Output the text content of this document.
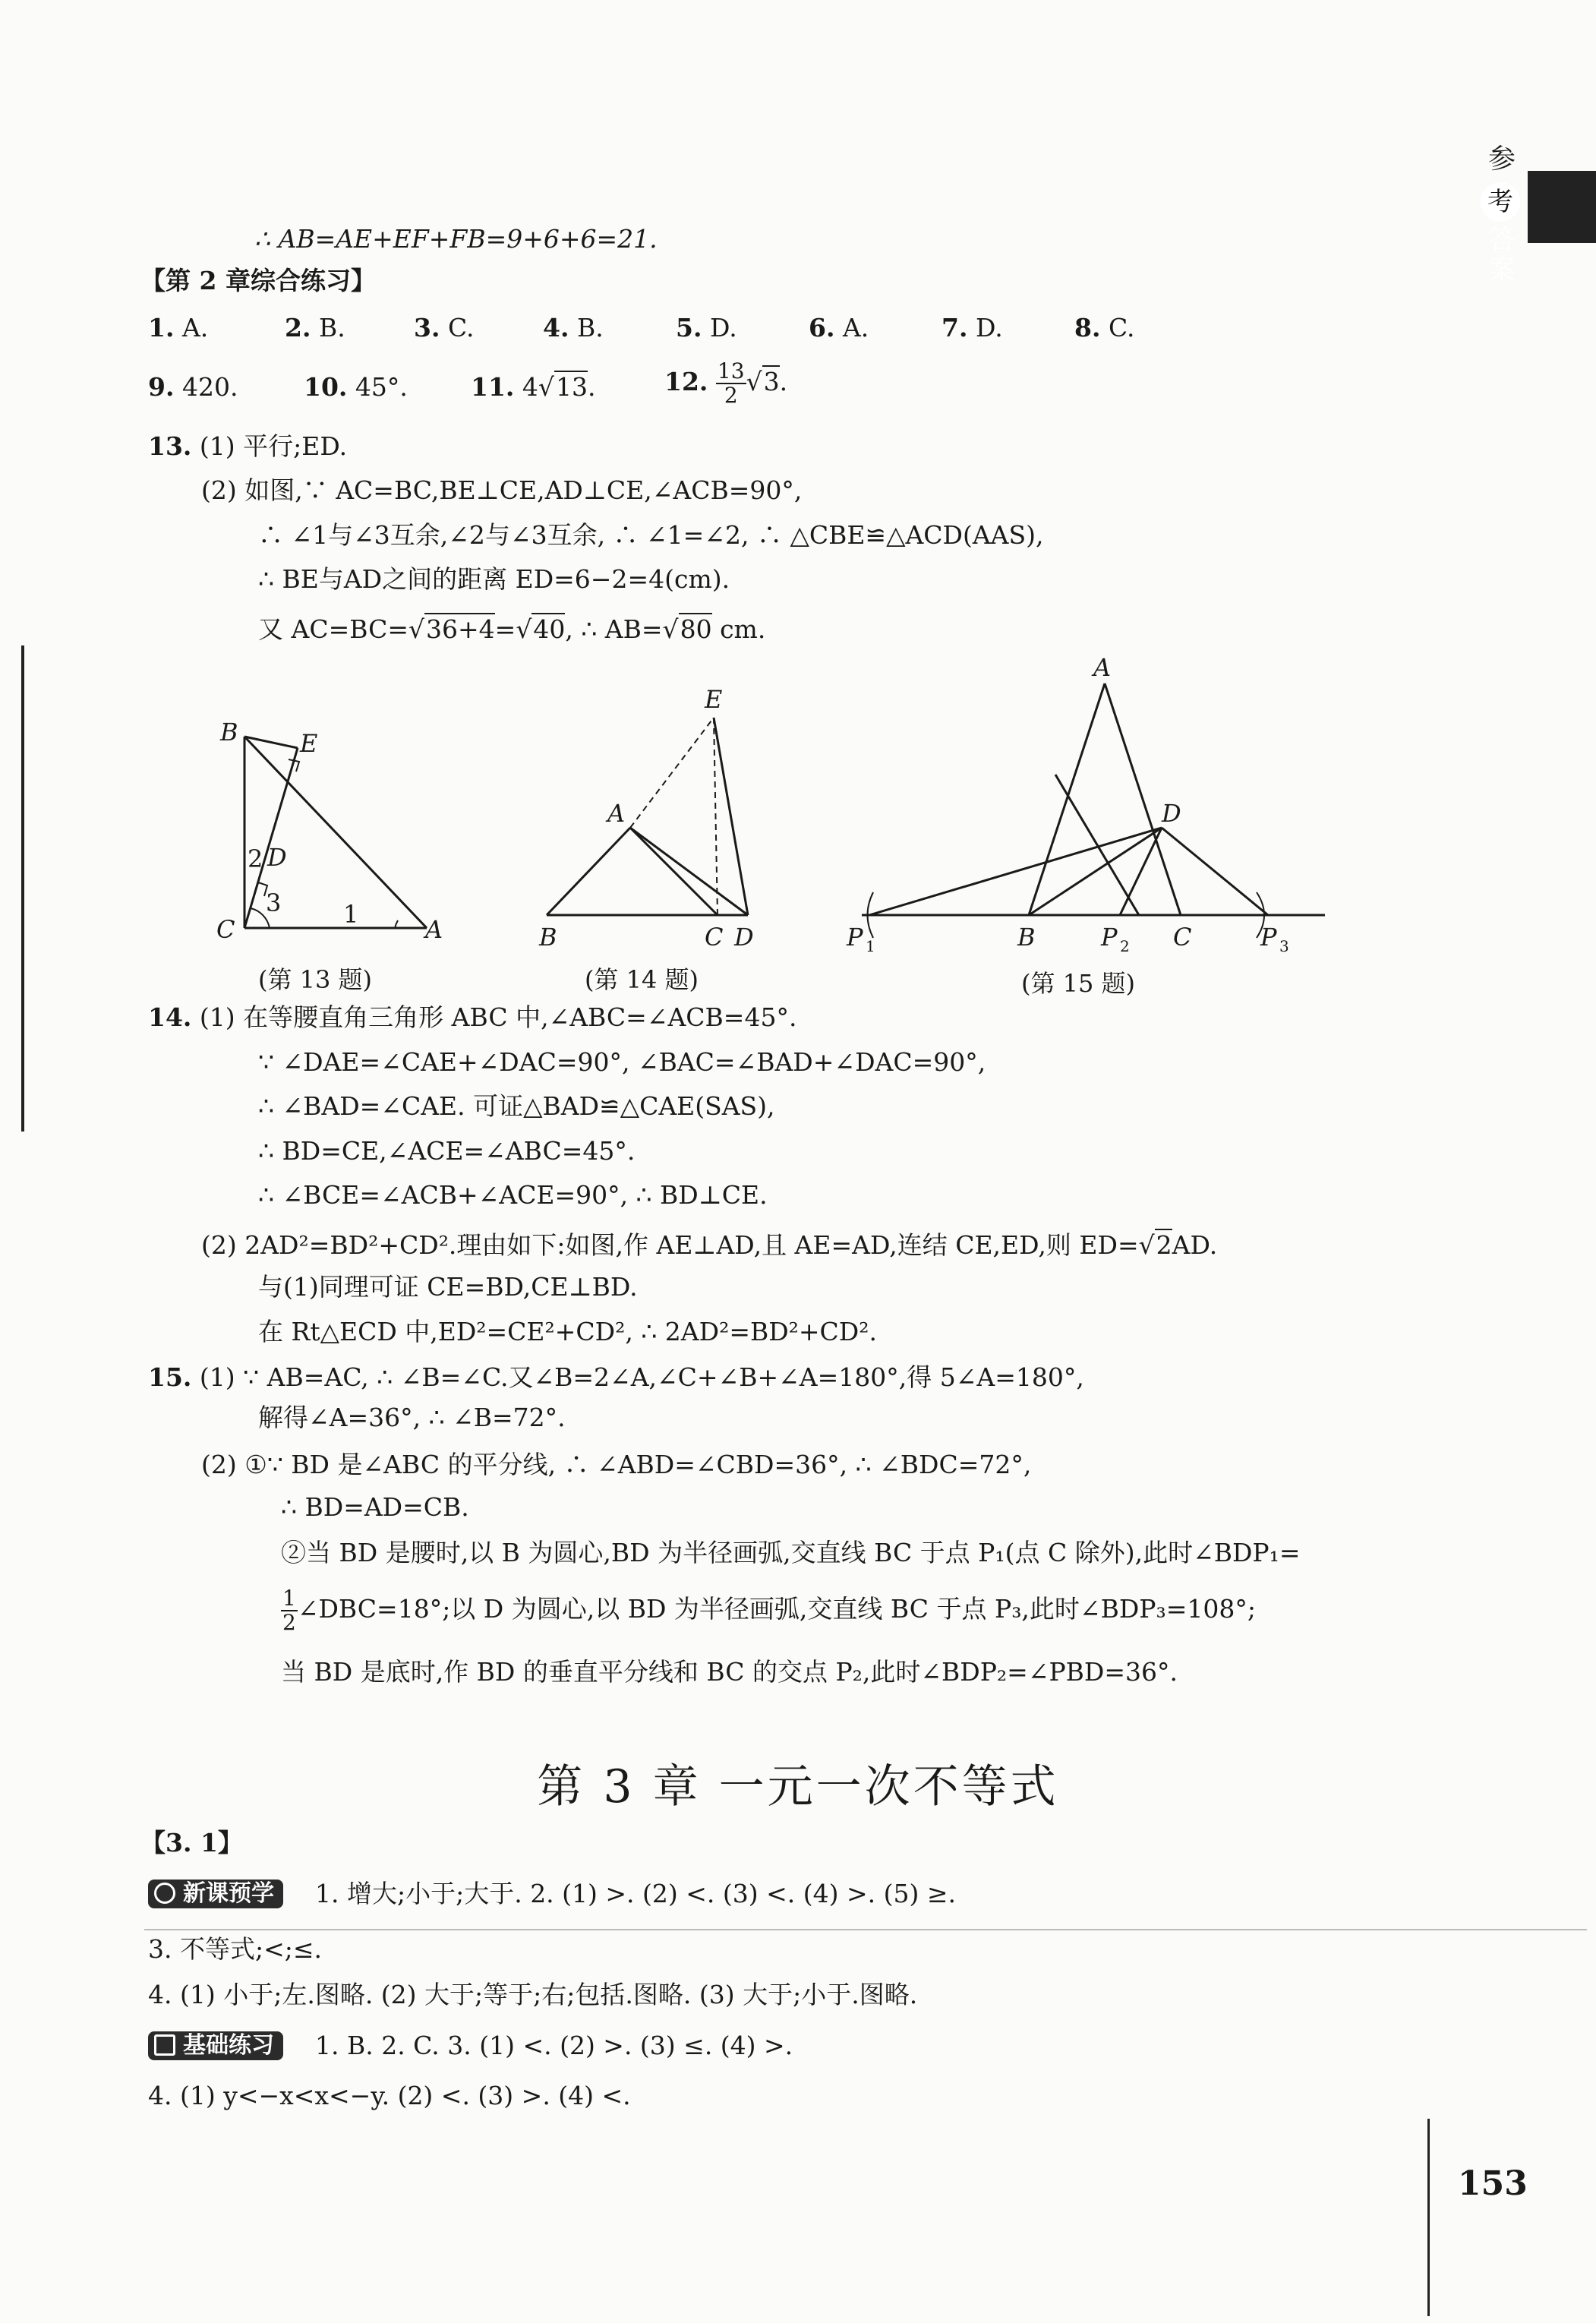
参
考
答
案
∴ AB=AE+EF+FB=9+6+6=21.
【第 2 章综合练习】
1. A.	2. B.	3. C.	4. B.	5. D.	6. A.	7. D.	8. C.
9. 420.	10. 45°.	11. 4√13.	12. $\frac{13}{2} √3$.
13. (1) 平行;ED.
(2) 如图,∵ AC=BC,BE⊥CE,AD⊥CE,∠ACB=90°,
∴ ∠1与∠3互余,∠2与∠3互余, ∴ ∠1=∠2, ∴ △CBE≌△ACD(AAS),
∴ BE与AD之间的距离 ED=6−2=4(cm).
又 AC=BC=√36+4=√40, ∴ AB=√80 cm.
B	E
D
C	A
1
2
3
E
A
B	C D
A
D
P 1	B	P 2 C	P 3
(第 13 题)	(第 14 题)	(第 15 题)
14. (1) 在等腰直角三角形 ABC 中,∠ABC=∠ACB=45°.
∵ ∠DAE=∠CAE+∠DAC=90°, ∠BAC=∠BAD+∠DAC=90°,
∴ ∠BAD=∠CAE. 可证△BAD≌△CAE(SAS),
∴ BD=CE,∠ACE=∠ABC=45°.
∴ ∠BCE=∠ACB+∠ACE=90°, ∴ BD⊥CE.
(2) 2AD²=BD²+CD².理由如下:如图,作 AE⊥AD,且 AE=AD,连结 CE,ED,则 ED=√2AD.
与(1)同理可证 CE=BD,CE⊥BD.
在 Rt△ECD 中,ED²=CE²+CD², ∴ 2AD²=BD²+CD².
15. (1) ∵ AB=AC, ∴ ∠B=∠C.又∠B=2∠A,∠C+∠B+∠A=180°,得 5∠A=180°,
解得∠A=36°, ∴ ∠B=72°.
(2) ①∵ BD 是∠ABC 的平分线, ∴ ∠ABD=∠CBD=36°, ∴ ∠BDC=72°,
∴ BD=AD=CB.
②当 BD 是腰时,以 B 为圆心,BD 为半径画弧,交直线 BC 于点 P₁(点 C 除外),此时∠BDP₁=
$\frac{1}{2}$ ∠DBC=18°;以 D 为圆心,以 BD 为半径画弧,交直线 BC 于点 P₃,此时∠BDP₃=108°;
当 BD 是底时,作 BD 的垂直平分线和 BC 的交点 P₂,此时∠BDP₂=∠PBD=36°.
第 3 章 一元一次不等式
【3. 1】
新课预学	1. 增大;小于;大于. 2. (1) >. (2) <. (3) <. (4) >. (5) ≥.
3. 不等式;<;≤.
4. (1) 小于;左.图略. (2) 大于;等于;右;包括.图略. (3) 大于;小于.图略.
基础练习	1. B. 2. C. 3. (1) <. (2) >. (3) ≤. (4) >.
4. (1) y<−x<x<−y. (2) <. (3) >. (4) <.
153
